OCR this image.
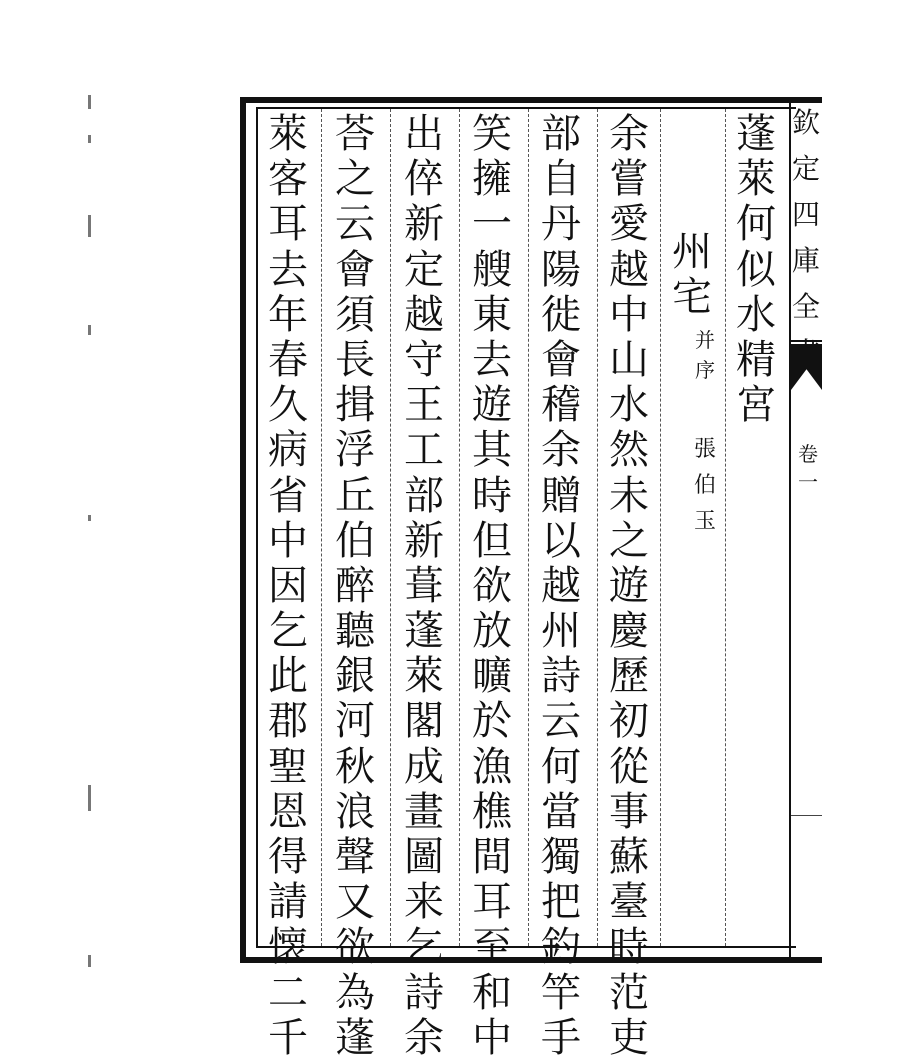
欽
定
四
庫
全
卷
一
蓬
萊
何
似
水
精
宮
州
宅
并
序
張
伯
玉
余
嘗
愛
越
中
山
水
然
未
之
遊
慶
歷
初
從
事
蘇
臺
時
范
吏
部
自
丹
陽
徙
會
稽
余
贈
以
越
州
詩
云
何
當
獨
把
釣
竿
手
笑
擁
一
艘
東
去
遊
其
時
但
欲
放
曠
於
漁
樵
間
耳
至
和
中
出
倅
新
定
越
守
王
工
部
新
葺
蓬
萊
閣
成
畫
圖
来
乞
詩
余
荅
之
云
會
須
長
揖
浮
丘
伯
醉
聽
銀
河
秋
浪
聲
又
欲
為
蓬
萊
客
耳
去
年
春
久
病
省
中
因
乞
此
郡
聖
恩
得
請
懐
二
千
